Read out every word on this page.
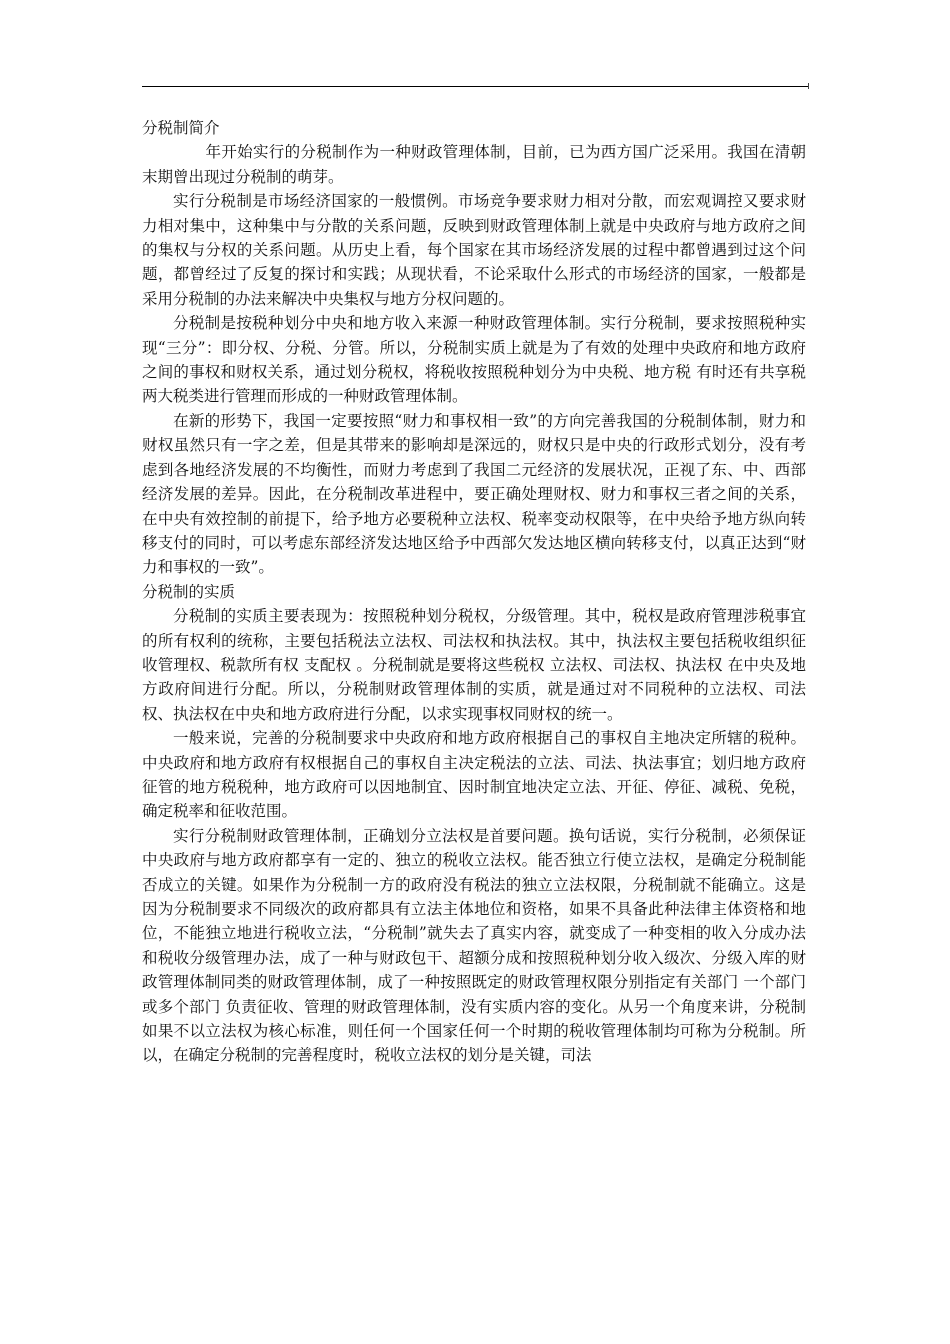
分税制简介

年开始实行的分税制作为一种财政管理体制，目前，已为西方国广泛采用。我国在清朝末期曾出现过分税制的萌芽。

实行分税制是市场经济国家的一般惯例。市场竞争要求财力相对分散，而宏观调控又要求财力相对集中，这种集中与分散的关系问题，反映到财政管理体制上就是中央政府与地方政府之间的集权与分权的关系问题。从历史上看，每个国家在其市场经济发展的过程中都曾遇到过这个问题，都曾经过了反复的探讨和实践；从现状看，不论采取什么形式的市场经济的国家，一般都是采用分税制的办法来解决中央集权与地方分权问题的。

分税制是按税种划分中央和地方收入来源一种财政管理体制。实行分税制，要求按照税种实现“三分”：即分权、分税、分管。所以，分税制实质上就是为了有效的处理中央政府和地方政府之间的事权和财权关系，通过划分税权，将税收按照税种划分为中央税、地方税 有时还有共享税 两大税类进行管理而形成的一种财政管理体制。

在新的形势下，我国一定要按照“财力和事权相一致”的方向完善我国的分税制体制，财力和财权虽然只有一字之差，但是其带来的影响却是深远的，财权只是中央的行政形式划分，没有考虑到各地经济发展的不均衡性，而财力考虑到了我国二元经济的发展状况，正视了东、中、西部经济发展的差异。因此，在分税制改革进程中，要正确处理财权、财力和事权三者之间的关系，在中央有效控制的前提下，给予地方必要税种立法权、税率变动权限等，在中央给予地方纵向转移支付的同时，可以考虑东部经济发达地区给予中西部欠发达地区横向转移支付，以真正达到“财力和事权的一致”。

分税制的实质

分税制的实质主要表现为：按照税种划分税权，分级管理。其中，税权是政府管理涉税事宜的所有权利的统称，主要包括税法立法权、司法权和执法权。其中，执法权主要包括税收组织征收管理权、税款所有权 支配权 。分税制就是要将这些税权 立法权、司法权、执法权 在中央及地方政府间进行分配。所以，分税制财政管理体制的实质，就是通过对不同税种的立法权、司法权、执法权在中央和地方政府进行分配，以求实现事权同财权的统一。

一般来说，完善的分税制要求中央政府和地方政府根据自己的事权自主地决定所辖的税种。中央政府和地方政府有权根据自己的事权自主决定税法的立法、司法、执法事宜；划归地方政府征管的地方税税种，地方政府可以因地制宜、因时制宜地决定立法、开征、停征、减税、免税，确定税率和征收范围。

实行分税制财政管理体制，正确划分立法权是首要问题。换句话说，实行分税制，必须保证中央政府与地方政府都享有一定的、独立的税收立法权。能否独立行使立法权，是确定分税制能否成立的关键。如果作为分税制一方的政府没有税法的独立立法权限，分税制就不能确立。这是因为分税制要求不同级次的政府都具有立法主体地位和资格，如果不具备此种法律主体资格和地位，不能独立地进行税收立法，“分税制”就失去了真实内容，就变成了一种变相的收入分成办法和税收分级管理办法，成了一种与财政包干、超额分成和按照税种划分收入级次、分级入库的财政管理体制同类的财政管理体制，成了一种按照既定的财政管理权限分别指定有关部门 一个部门或多个部门 负责征收、管理的财政管理体制，没有实质内容的变化。从另一个角度来讲，分税制如果不以立法权为核心标准，则任何一个国家任何一个时期的税收管理体制均可称为分税制。所以，在确定分税制的完善程度时，税收立法权的划分是关键，司法
